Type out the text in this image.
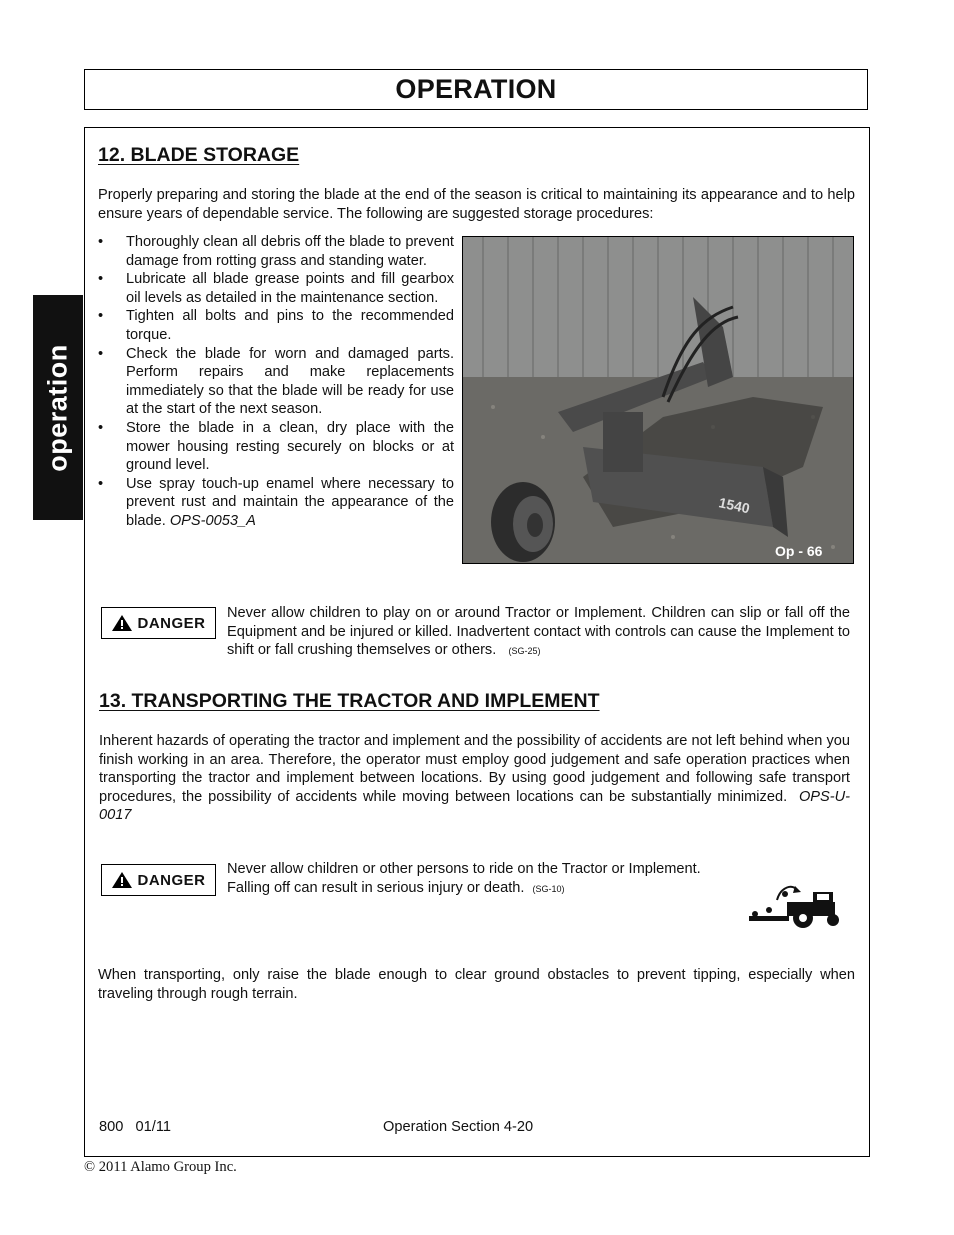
OPERATION
operation
12. BLADE STORAGE
Properly preparing and storing the blade at the end of the season is critical to maintaining its appearance and to help ensure years of dependable service. The following are suggested storage procedures:
• Thoroughly clean all debris off the blade to prevent damage from rotting grass and standing water.
• Lubricate all blade grease points and fill gearbox oil levels as detailed in the maintenance section.
• Tighten all bolts and pins to the recommended torque.
• Check the blade for worn and damaged parts. Perform repairs and make replacements immediately so that the blade will be ready for use at the start of the next season.
• Store the blade in a clean, dry place with the mower housing resting securely on blocks or at ground level.
• Use spray touch-up enamel where necessary to prevent rust and maintain the appearance of the blade. OPS-0053_A
1540
Op - 66
DANGER
Never allow children to play on or around Tractor or Implement. Children can slip or fall off the Equipment and be injured or killed. Inadvertent contact with controls can cause the Implement to shift or fall crushing themselves or others. (SG-25)
13. TRANSPORTING THE TRACTOR AND IMPLEMENT
Inherent hazards of operating the tractor and implement and the possibility of accidents are not left behind when you finish working in an area. Therefore, the operator must employ good judgement and safe operation practices when transporting the tractor and implement between locations. By using good judgement and following safe transport procedures, the possibility of accidents while moving between locations can be substantially minimized. OPS-U- 0017
DANGER
Never allow children or other persons to ride on the Tractor or Implement.
Falling off can result in serious injury or death. (SG-10)
When transporting, only raise the blade enough to clear ground obstacles to prevent tipping, especially when traveling through rough terrain.
800 01/11	Operation Section 4-20
© 2011 Alamo Group Inc.
